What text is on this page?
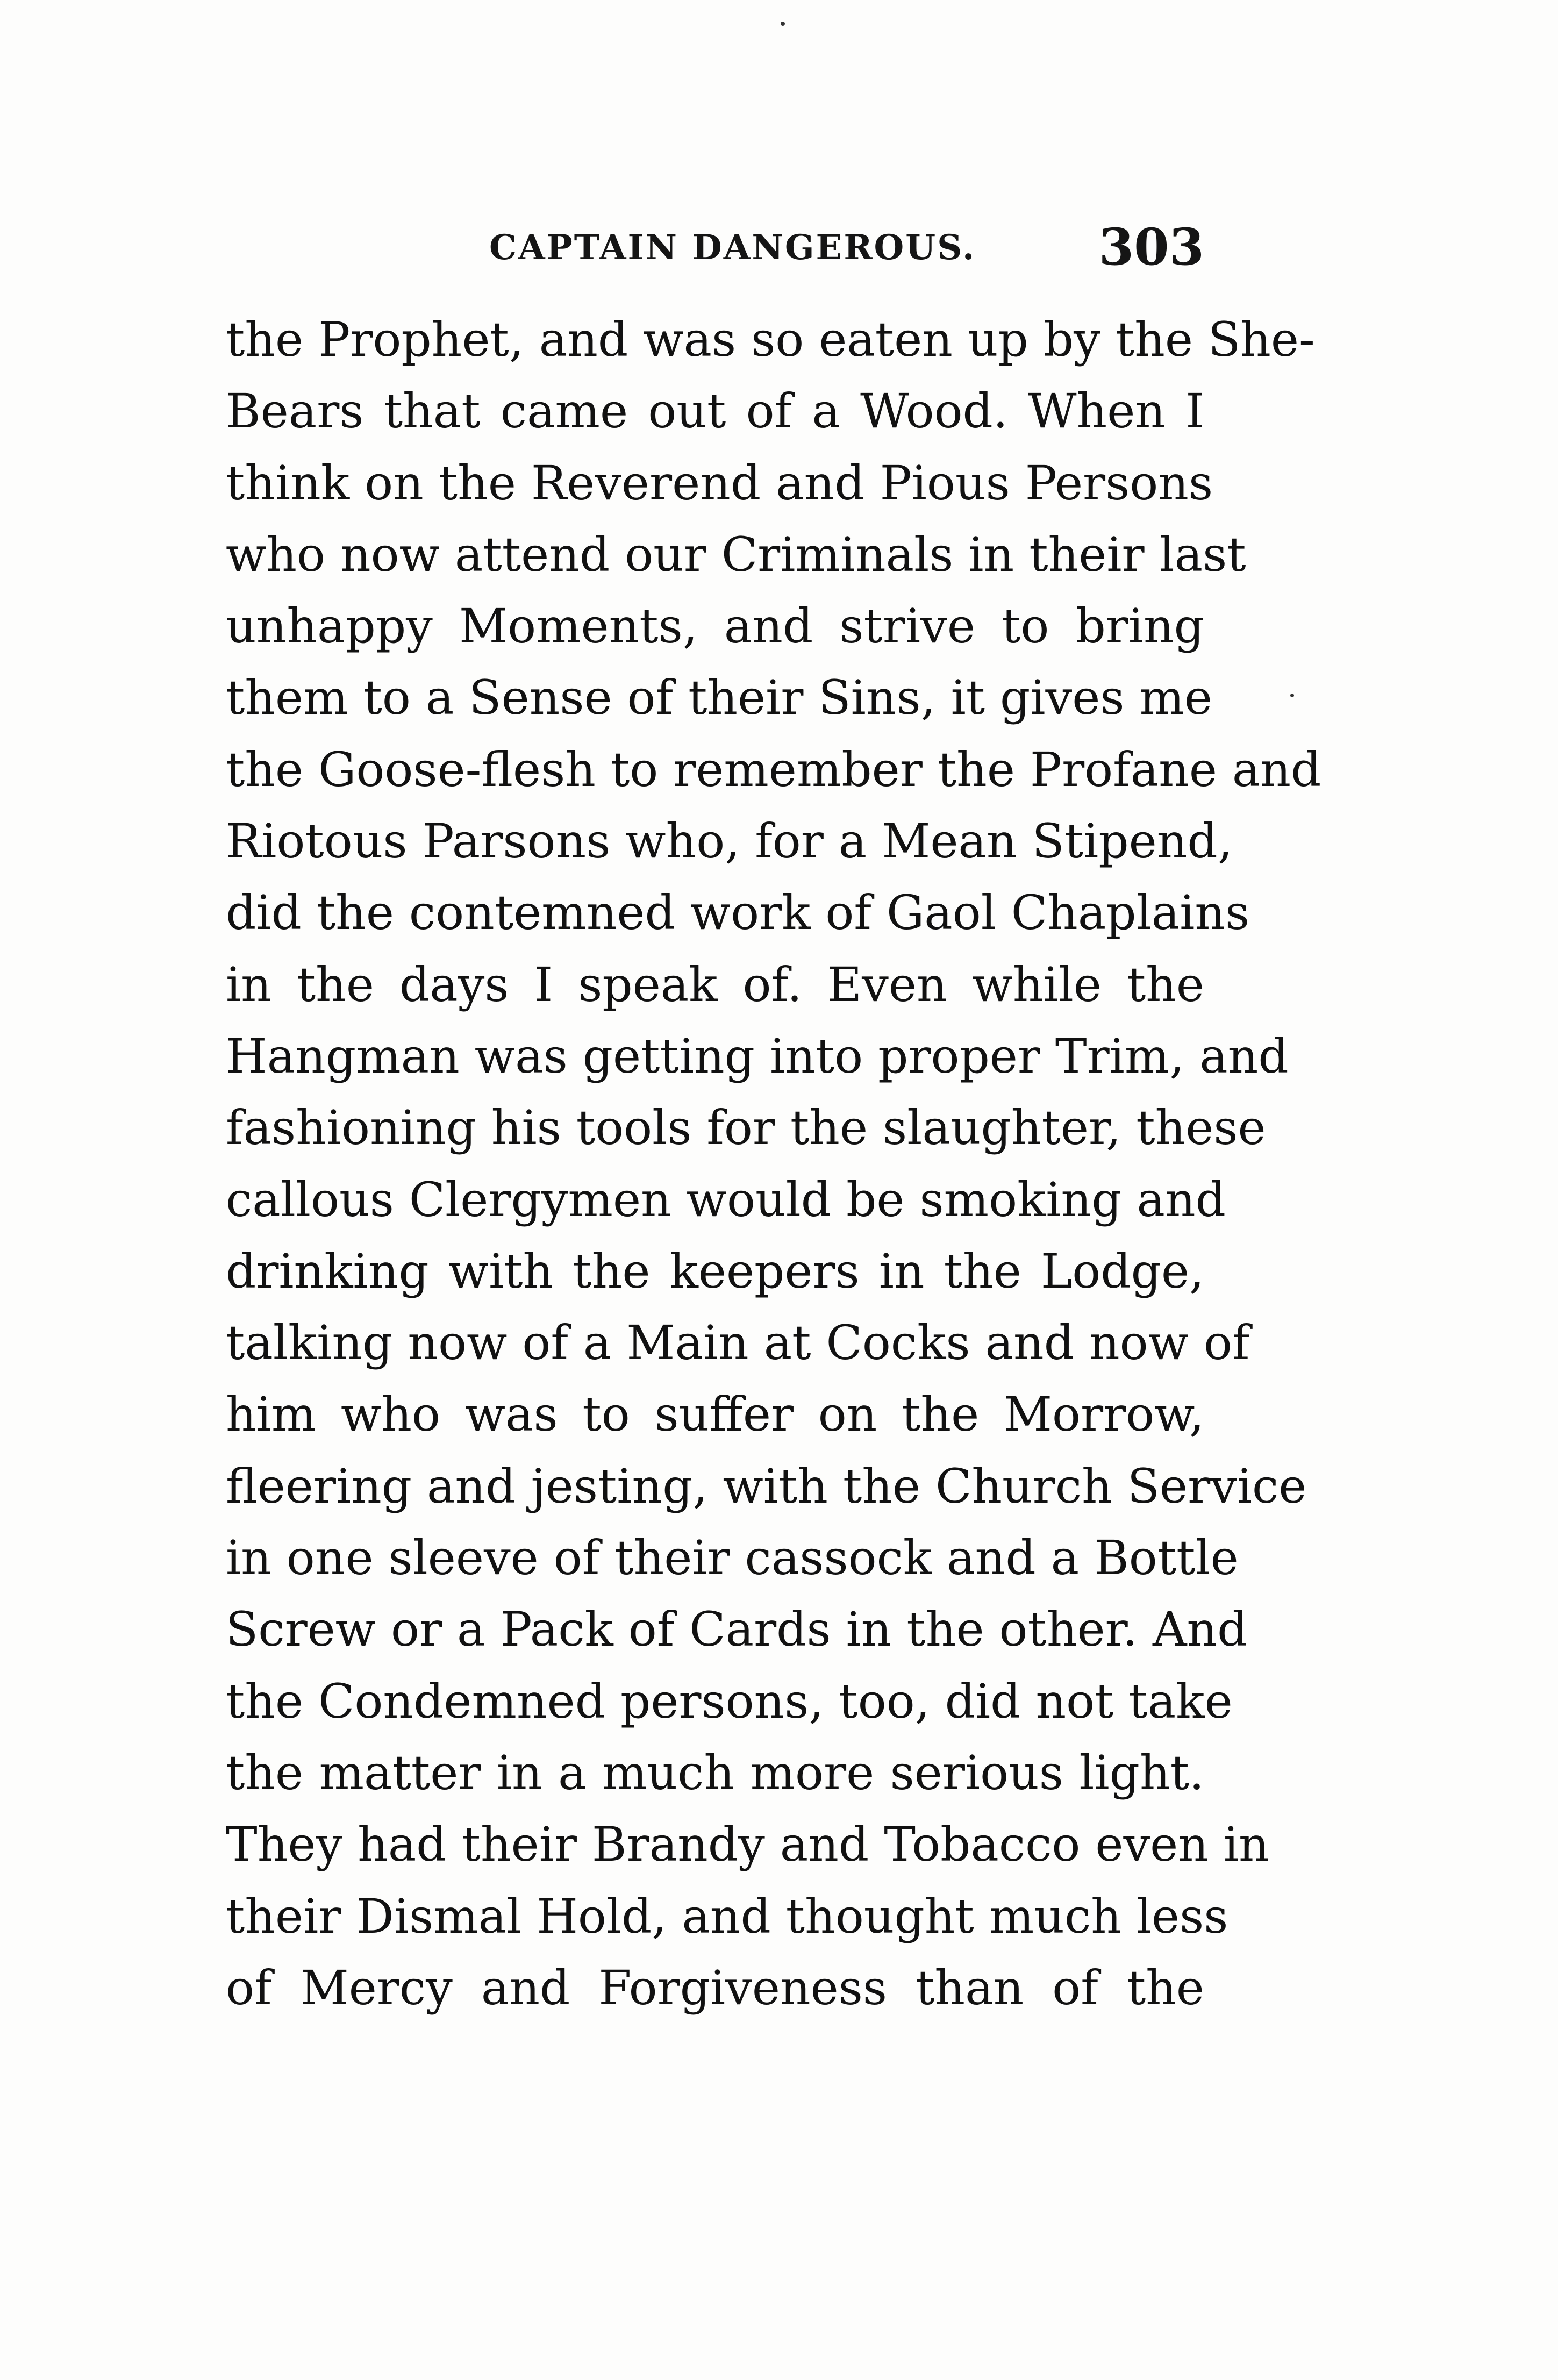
CAPTAIN DANGEROUS. 303
the Prophet, and was so eaten up by the She-
Bears that came out of a Wood. When I
think on the Reverend and Pious Persons
who now attend our Criminals in their last
unhappy Moments, and strive to bring
them to a Sense of their Sins, it gives me
the Goose-flesh to remember the Profane and
Riotous Parsons who, for a Mean Stipend,
did the contemned work of Gaol Chaplains
in the days I speak of. Even while the
Hangman was getting into proper Trim, and
fashioning his tools for the slaughter, these
callous Clergymen would be smoking and
drinking with the keepers in the Lodge,
talking now of a Main at Cocks and now of
him who was to suffer on the Morrow,
fleering and jesting, with the Church Service
in one sleeve of their cassock and a Bottle
Screw or a Pack of Cards in the other. And
the Condemned persons, too, did not take
the matter in a much more serious light.
They had their Brandy and Tobacco even in
their Dismal Hold, and thought much less
of Mercy and Forgiveness than of the
